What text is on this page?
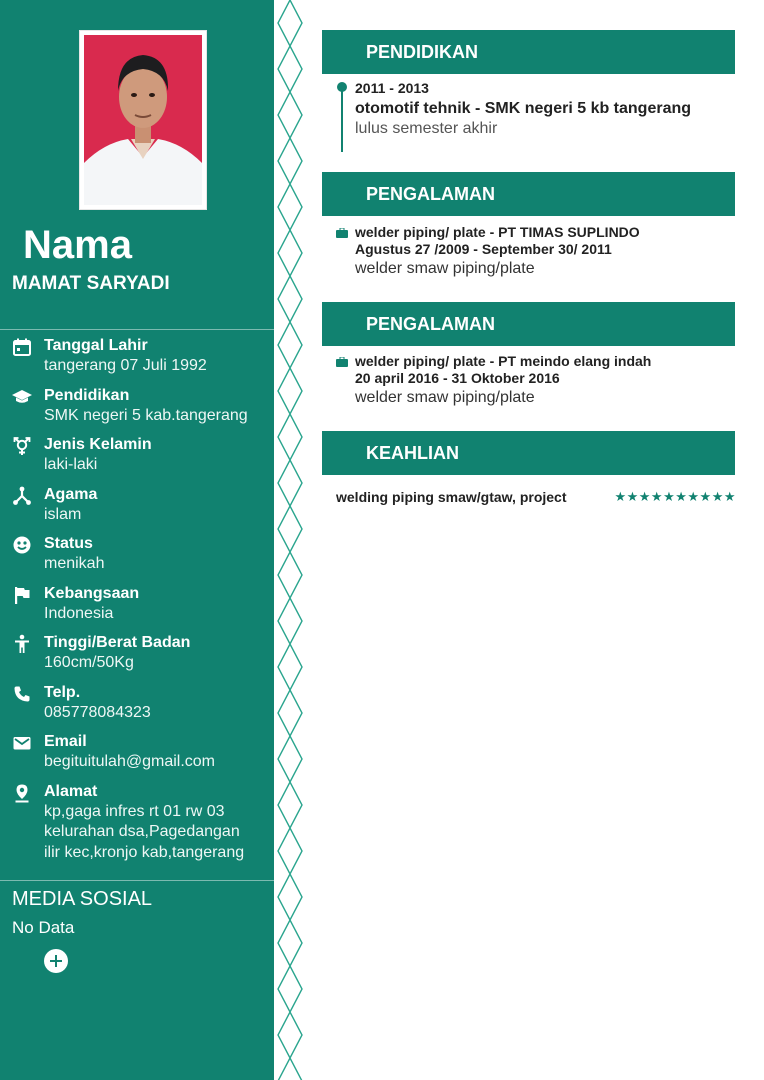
Nama
MAMAT SARYADI
Tanggal Lahir
tangerang 07 Juli 1992
Pendidikan
SMK negeri 5 kab.tangerang
Jenis Kelamin
laki-laki
Agama
islam
Status
menikah
Kebangsaan
Indonesia
Tinggi/Berat Badan
160cm/50Kg
Telp.
085778084323
Email
begituitulah@gmail.com
Alamat
kp,gaga infres rt 01 rw 03
kelurahan dsa,Pagedangan
ilir kec,kronjo kab,tangerang
MEDIA SOSIAL
No Data
PENDIDIKAN
2011 - 2013
otomotif tehnik - SMK negeri 5 kb tangerang
lulus semester akhir
PENGALAMAN
welder piping/ plate - PT TIMAS SUPLINDO
Agustus 27 /2009 - September 30/ 2011
welder smaw piping/plate
PENGALAMAN
welder piping/ plate - PT meindo elang indah
20 april 2016 - 31 Oktober 2016
welder smaw piping/plate
KEAHLIAN
welding piping smaw/gtaw, project	★★★★★★★★★★
